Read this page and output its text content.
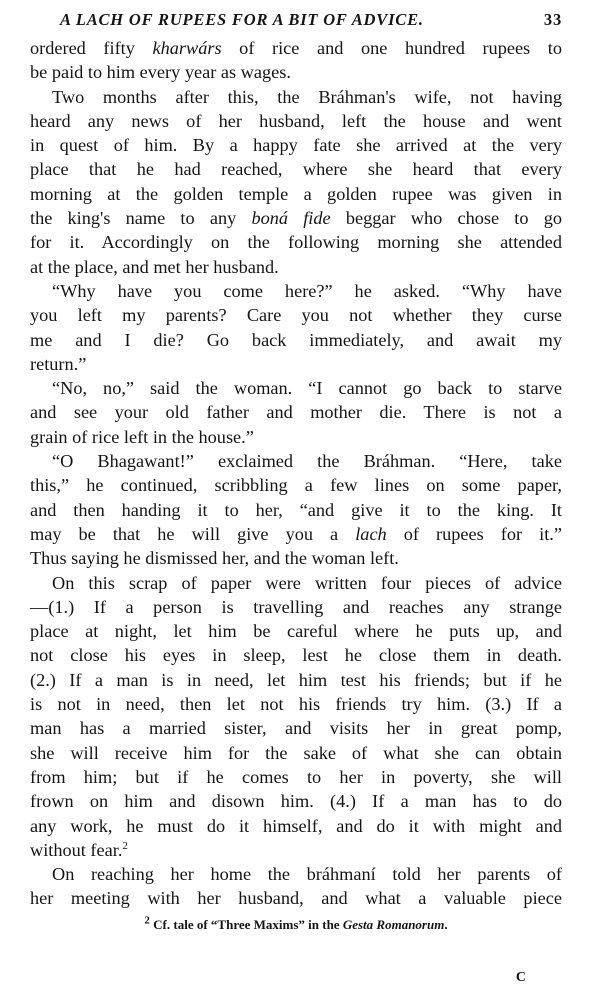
A LACH OF RUPEES FOR A BIT OF ADVICE.	33
ordered fifty kharwárs of rice and one hundred rupees to
be paid to him every year as wages.
Two months after this, the Bráhman's wife, not having
heard any news of her husband, left the house and went
in quest of him. By a happy fate she arrived at the very
place that he had reached, where she heard that every
morning at the golden temple a golden rupee was given in
the king's name to any boná fide beggar who chose to go
for it. Accordingly on the following morning she attended
at the place, and met her husband.
“Why have you come here?” he asked. “Why have
you left my parents? Care you not whether they curse
me and I die? Go back immediately, and await my
return.”
“No, no,” said the woman. “I cannot go back to starve
and see your old father and mother die. There is not a
grain of rice left in the house.”
“O Bhagawant!” exclaimed the Bráhman. “Here, take
this,” he continued, scribbling a few lines on some paper,
and then handing it to her, “and give it to the king. It
may be that he will give you a lach of rupees for it.”
Thus saying he dismissed her, and the woman left.
On this scrap of paper were written four pieces of advice
—(1.) If a person is travelling and reaches any strange
place at night, let him be careful where he puts up, and
not close his eyes in sleep, lest he close them in death.
(2.) If a man is in need, let him test his friends; but if he
is not in need, then let not his friends try him. (3.) If a
man has a married sister, and visits her in great pomp,
she will receive him for the sake of what she can obtain
from him; but if he comes to her in poverty, she will
frown on him and disown him. (4.) If a man has to do
any work, he must do it himself, and do it with might and
without fear.$^2$
On reaching her home the bráhmaní told her parents of
her meeting with her husband, and what a valuable piece
$^2$ Cf. tale of “Three Maxims” in the Gesta Romanorum.
C
